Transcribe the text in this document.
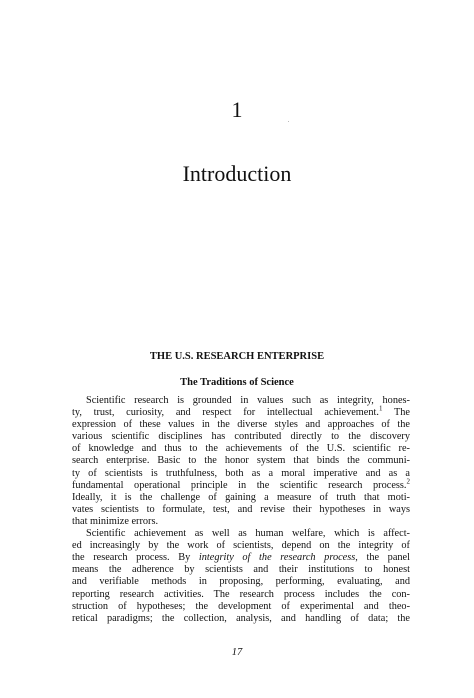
1
Introduction
THE U.S. RESEARCH ENTERPRISE
The Traditions of Science
Scientific research is grounded in values such as integrity, hones-
ty, trust, curiosity, and respect for intellectual achievement.$^1$ The
expression of these values in the diverse styles and approaches of the
various scientific disciplines has contributed directly to the discovery
of knowledge and thus to the achievements of the U.S. scientific re-
search enterprise. Basic to the honor system that binds the communi-
ty of scientists is truthfulness, both as a moral imperative and as a
fundamental operational principle in the scientific research process.$^2$
Ideally, it is the challenge of gaining a measure of truth that moti-
vates scientists to formulate, test, and revise their hypotheses in ways
that minimize errors.
Scientific achievement as well as human welfare, which is affect-
ed increasingly by the work of scientists, depend on the integrity of
the research process. By integrity of the research process, the panel
means the adherence by scientists and their institutions to honest
and verifiable methods in proposing, performing, evaluating, and
reporting research activities. The research process includes the con-
struction of hypotheses; the development of experimental and theo-
retical paradigms; the collection, analysis, and handling of data; the
17
